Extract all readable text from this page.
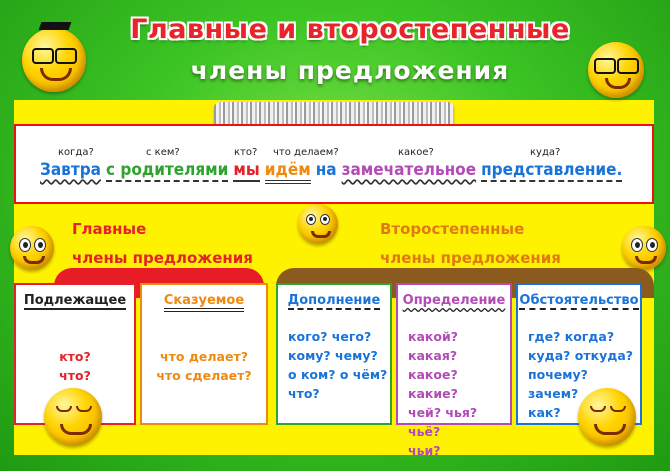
Главные и второстепенные
члены предложения
когда?	с кем?	кто? что делаем?	какое?	куда?
Завтра с родителями мы идём на замечательное представление.
Главные
члены предложения
Второстепенные
члены предложения
Подлежащее
кто?
что?
Сказуемое
что делает?
что сделает?
Дополнение
кого? чего?
кому? чему?
о ком? о чём?
что?
Определение
какой? какая?
какое? какие?
чей? чья? чьё?
чьи?
Обстоятельство
где? когда?
куда? откуда?
почему? зачем?
как?
